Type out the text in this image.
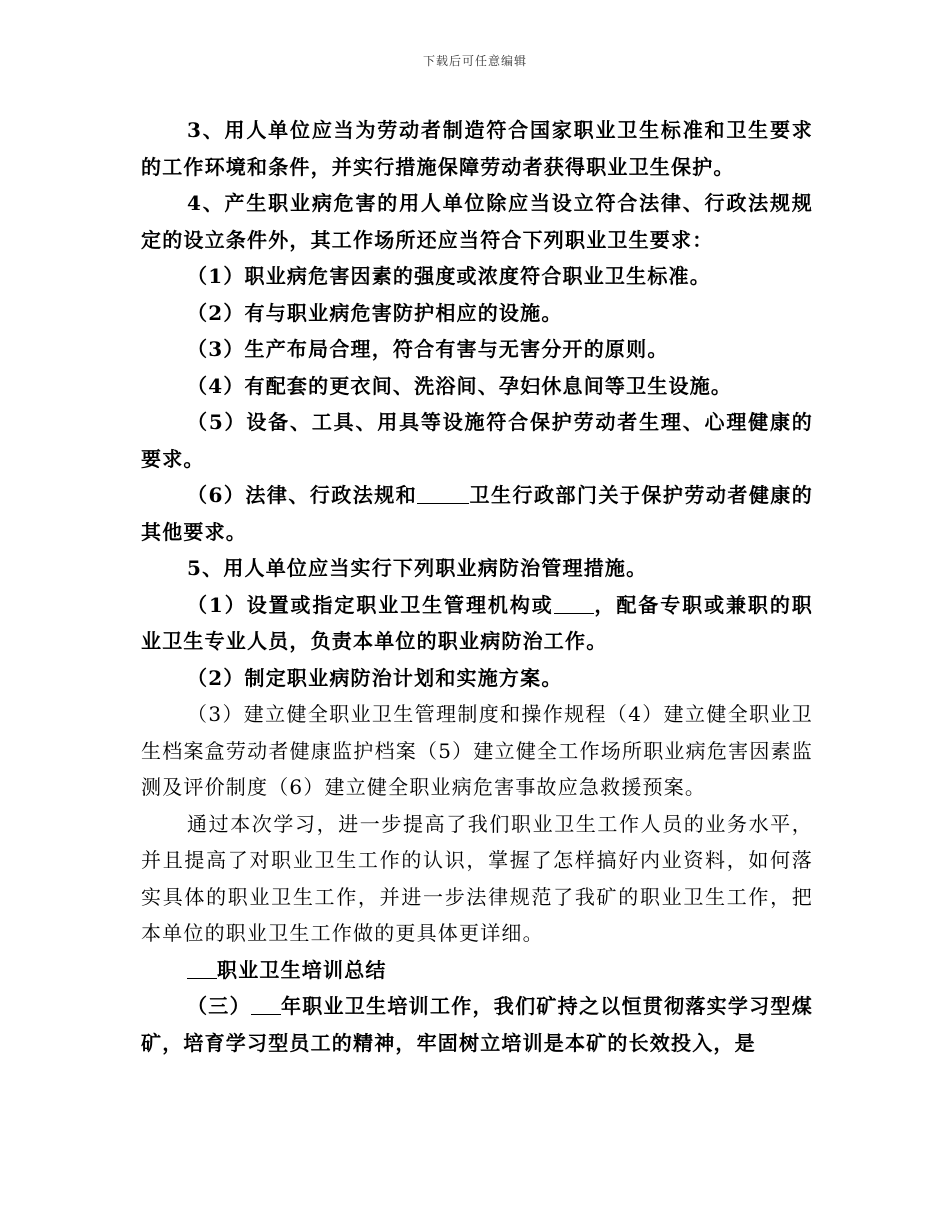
下载后可任意编辑

3、用人单位应当为劳动者制造符合国家职业卫生标准和卫生要求的工作环境和条件，并实行措施保障劳动者获得职业卫生保护。

4、产生职业病危害的用人单位除应当设立符合法律、行政法规规定的设立条件外，其工作场所还应当符合下列职业卫生要求：

（1）职业病危害因素的强度或浓度符合职业卫生标准。

（2）有与职业病危害防护相应的设施。

（3）生产布局合理，符合有害与无害分开的原则。

（4）有配套的更衣间、洗浴间、孕妇休息间等卫生设施。

（5）设备、工具、用具等设施符合保护劳动者生理、心理健康的要求。

（6）法律、行政法规和	卫生行政部门关于保护劳动者健康的其他要求。

5、用人单位应当实行下列职业病防治管理措施。

（1）设置或指定职业卫生管理机构或 ，配备专职或兼职的职业卫生专业人员，负责本单位的职业病防治工作。

（2）制定职业病防治计划和实施方案。

（3）建立健全职业卫生管理制度和操作规程（4）建立健全职业卫生档案盒劳动者健康监护档案（5）建立健全工作场所职业病危害因素监测及评价制度（6）建立健全职业病危害事故应急救援预案。

通过本次学习，进一步提高了我们职业卫生工作人员的业务水平，并且提高了对职业卫生工作的认识，掌握了怎样搞好内业资料，如何落实具体的职业卫生工作，并进一步法律规范了我矿的职业卫生工作，把本单位的职业卫生工作做的更具体更详细。

职业卫生培训总结

（三） 年职业卫生培训工作，我们矿持之以恒贯彻落实学习型煤矿，培育学习型员工的精神，牢固树立培训是本矿的长效投入，是
